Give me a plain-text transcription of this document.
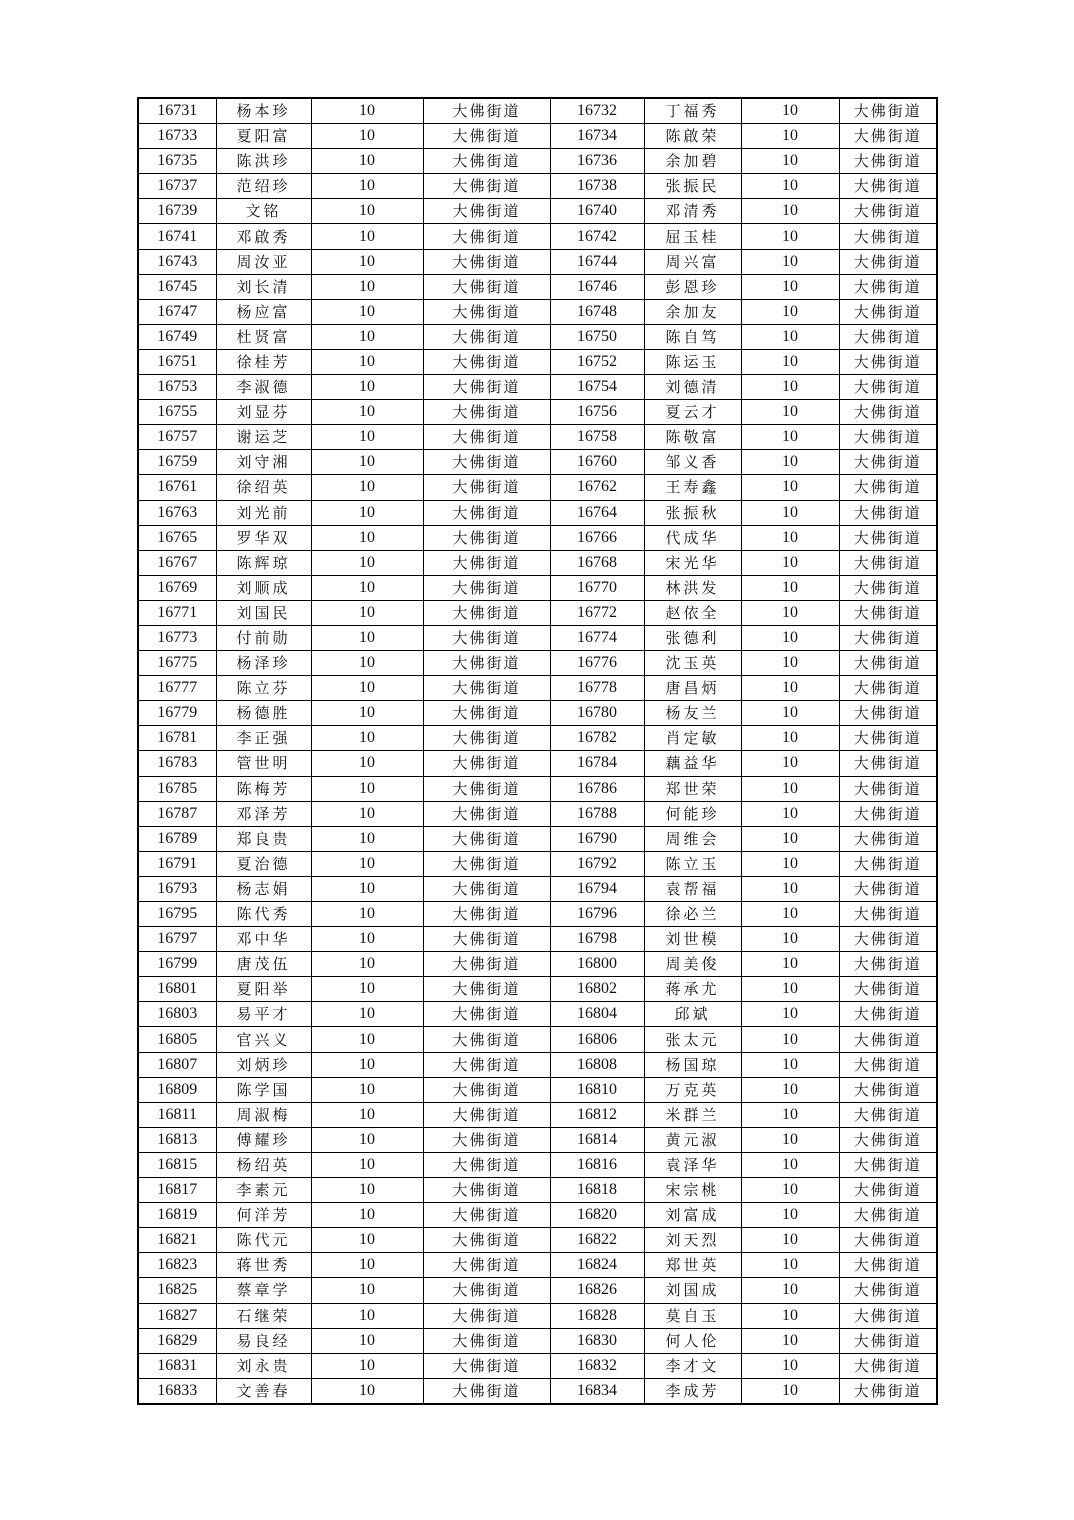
16731	杨本珍	10	大佛街道	16732	丁福秀	10	大佛街道
16733	夏阳富	10	大佛街道	16734	陈啟荣	10	大佛街道
16735	陈洪珍	10	大佛街道	16736	余加碧	10	大佛街道
16737	范绍珍	10	大佛街道	16738	张振民	10	大佛街道
16739	文铭	10	大佛街道	16740	邓清秀	10	大佛街道
16741	邓啟秀	10	大佛街道	16742	屈玉桂	10	大佛街道
16743	周汝亚	10	大佛街道	16744	周兴富	10	大佛街道
16745	刘长清	10	大佛街道	16746	彭恩珍	10	大佛街道
16747	杨应富	10	大佛街道	16748	余加友	10	大佛街道
16749	杜贤富	10	大佛街道	16750	陈自笃	10	大佛街道
16751	徐桂芳	10	大佛街道	16752	陈运玉	10	大佛街道
16753	李淑德	10	大佛街道	16754	刘德清	10	大佛街道
16755	刘显芬	10	大佛街道	16756	夏云才	10	大佛街道
16757	谢运芝	10	大佛街道	16758	陈敬富	10	大佛街道
16759	刘守湘	10	大佛街道	16760	邹义香	10	大佛街道
16761	徐绍英	10	大佛街道	16762	王寿鑫	10	大佛街道
16763	刘光前	10	大佛街道	16764	张振秋	10	大佛街道
16765	罗华双	10	大佛街道	16766	代成华	10	大佛街道
16767	陈辉琼	10	大佛街道	16768	宋光华	10	大佛街道
16769	刘顺成	10	大佛街道	16770	林洪发	10	大佛街道
16771	刘国民	10	大佛街道	16772	赵依全	10	大佛街道
16773	付前勋	10	大佛街道	16774	张德利	10	大佛街道
16775	杨泽珍	10	大佛街道	16776	沈玉英	10	大佛街道
16777	陈立芬	10	大佛街道	16778	唐昌炳	10	大佛街道
16779	杨德胜	10	大佛街道	16780	杨友兰	10	大佛街道
16781	李正强	10	大佛街道	16782	肖定敏	10	大佛街道
16783	管世明	10	大佛街道	16784	藕益华	10	大佛街道
16785	陈梅芳	10	大佛街道	16786	郑世荣	10	大佛街道
16787	邓泽芳	10	大佛街道	16788	何能珍	10	大佛街道
16789	郑良贵	10	大佛街道	16790	周维会	10	大佛街道
16791	夏治德	10	大佛街道	16792	陈立玉	10	大佛街道
16793	杨志娟	10	大佛街道	16794	袁帮福	10	大佛街道
16795	陈代秀	10	大佛街道	16796	徐必兰	10	大佛街道
16797	邓中华	10	大佛街道	16798	刘世模	10	大佛街道
16799	唐茂伍	10	大佛街道	16800	周美俊	10	大佛街道
16801	夏阳举	10	大佛街道	16802	蒋承尤	10	大佛街道
16803	易平才	10	大佛街道	16804	邱斌	10	大佛街道
16805	官兴义	10	大佛街道	16806	张太元	10	大佛街道
16807	刘炳珍	10	大佛街道	16808	杨国琼	10	大佛街道
16809	陈学国	10	大佛街道	16810	万克英	10	大佛街道
16811	周淑梅	10	大佛街道	16812	米群兰	10	大佛街道
16813	傅耀珍	10	大佛街道	16814	黄元淑	10	大佛街道
16815	杨绍英	10	大佛街道	16816	袁泽华	10	大佛街道
16817	李素元	10	大佛街道	16818	宋宗桃	10	大佛街道
16819	何洋芳	10	大佛街道	16820	刘富成	10	大佛街道
16821	陈代元	10	大佛街道	16822	刘天烈	10	大佛街道
16823	蒋世秀	10	大佛街道	16824	郑世英	10	大佛街道
16825	蔡章学	10	大佛街道	16826	刘国成	10	大佛街道
16827	石继荣	10	大佛街道	16828	莫自玉	10	大佛街道
16829	易良经	10	大佛街道	16830	何人伦	10	大佛街道
16831	刘永贵	10	大佛街道	16832	李才文	10	大佛街道
16833	文善春	10	大佛街道	16834	李成芳	10	大佛街道
